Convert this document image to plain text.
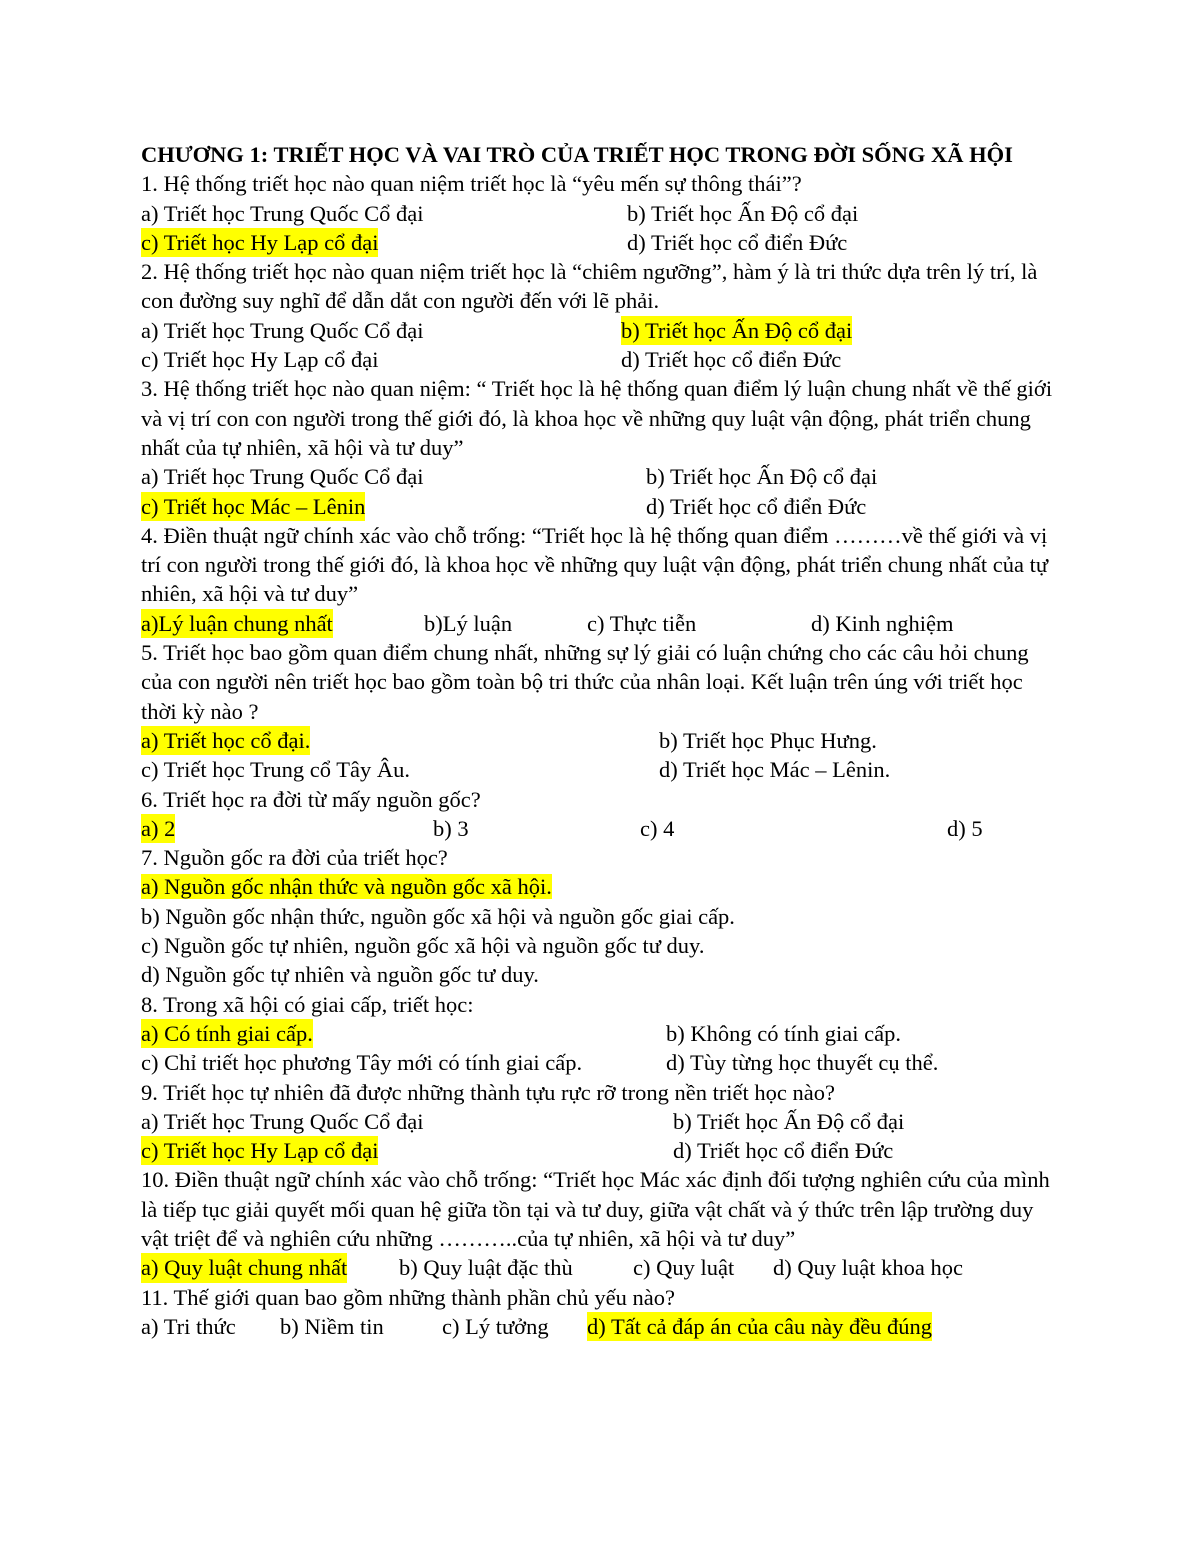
CHƯƠNG 1: TRIẾT HỌC VÀ VAI TRÒ CỦA TRIẾT HỌC TRONG ĐỜI SỐNG XÃ HỘI
1. Hệ thống triết học nào quan niệm triết học là “yêu mến sự thông thái”?
a) Triết học Trung Quốc Cổ đại	b) Triết học Ấn Độ cổ đại
c) Triết học Hy Lạp cổ đại	d) Triết học cổ điển Đức
2. Hệ thống triết học nào quan niệm triết học là “chiêm ngưỡng”, hàm ý là tri thức dựa trên lý trí, là con đường suy nghĩ để dẫn dắt con người đến với lẽ phải.
a) Triết học Trung Quốc Cổ đại	b) Triết học Ấn Độ cổ đại
c) Triết học Hy Lạp cổ đại	d) Triết học cổ điển Đức
3. Hệ thống triết học nào quan niệm: “ Triết học là hệ thống quan điểm lý luận chung nhất về thế giới và vị trí con con người trong thế giới đó, là khoa học về những quy luật vận động, phát triển chung nhất của tự nhiên, xã hội và tư duy”
a) Triết học Trung Quốc Cổ đại	b) Triết học Ấn Độ cổ đại
c) Triết học Mác – Lênin	d) Triết học cổ điển Đức
4. Điền thuật ngữ chính xác vào chỗ trống: “Triết học là hệ thống quan điểm ………về thế giới và vị trí con người trong thế giới đó, là khoa học về những quy luật vận động, phát triển chung nhất của tự nhiên, xã hội và tư duy”
a)Lý luận chung nhất	b)Lý luận	c) Thực tiễn	d) Kinh nghiệm
5. Triết học bao gồm quan điểm chung nhất, những sự lý giải có luận chứng cho các câu hỏi chung của con người nên triết học bao gồm toàn bộ tri thức của nhân loại. Kết luận trên úng với triết học thời kỳ nào ?
a) Triết học cổ đại.	b) Triết học Phục Hưng.
c) Triết học Trung cổ Tây Âu.	d) Triết học Mác – Lênin.
6. Triết học ra đời từ mấy nguồn gốc?
a) 2	b) 3	c) 4	d) 5
7. Nguồn gốc ra đời của triết học?
a) Nguồn gốc nhận thức và nguồn gốc xã hội.
b) Nguồn gốc nhận thức, nguồn gốc xã hội và nguồn gốc giai cấp.
c) Nguồn gốc tự nhiên, nguồn gốc xã hội và nguồn gốc tư duy.
d) Nguồn gốc tự nhiên và nguồn gốc tư duy.
8. Trong xã hội có giai cấp, triết học:
a) Có tính giai cấp.	b) Không có tính giai cấp.
c) Chỉ triết học phương Tây mới có tính giai cấp.	d) Tùy từng học thuyết cụ thể.
9. Triết học tự nhiên đã được những thành tựu rực rỡ trong nền triết học nào?
a) Triết học Trung Quốc Cổ đại	b) Triết học Ấn Độ cổ đại
c) Triết học Hy Lạp cổ đại	d) Triết học cổ điển Đức
10. Điền thuật ngữ chính xác vào chỗ trống: “Triết học Mác xác định đối tượng nghiên cứu của mình là tiếp tục giải quyết mối quan hệ giữa tồn tại và tư duy, giữa vật chất và ý thức trên lập trường duy vật triệt để và nghiên cứu những ………..của tự nhiên, xã hội và tư duy”
a) Quy luật chung nhất b) Quy luật đặc thù	c) Quy luật d) Quy luật khoa học
11. Thế giới quan bao gồm những thành phần chủ yếu nào?
a) Tri thức b) Niềm tin	c) Lý tưởng d) Tất cả đáp án của câu này đều đúng
